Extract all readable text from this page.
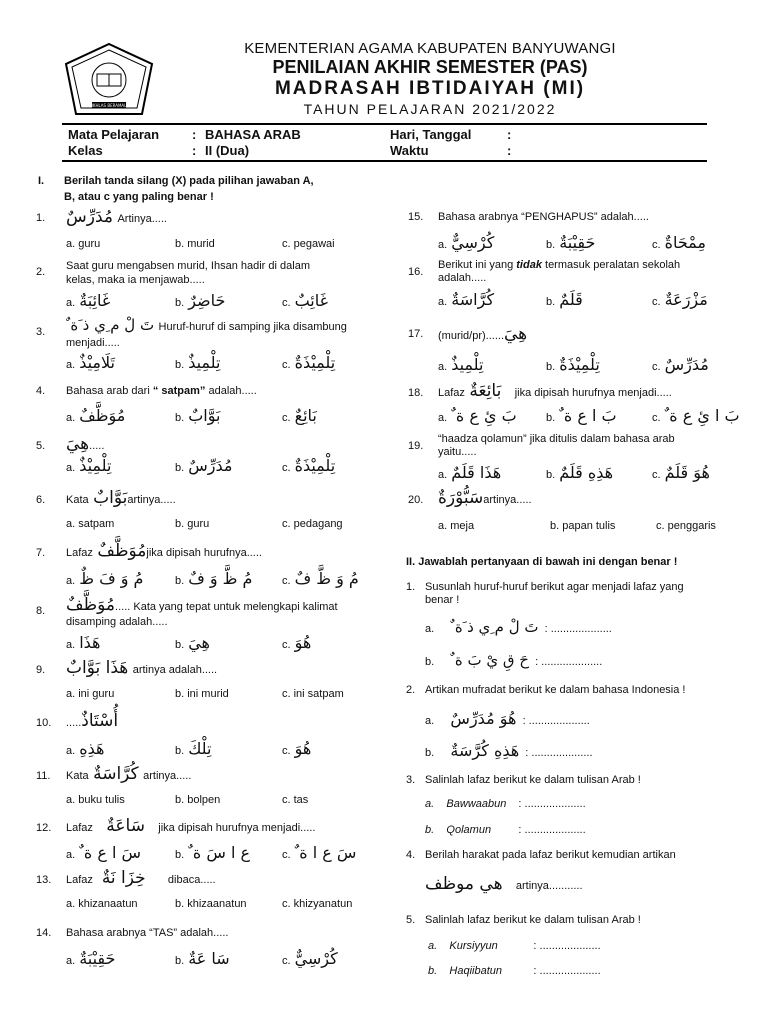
IKHLAS BERAMAL
KEMENTERIAN AGAMA KABUPATEN BANYUWANGI
PENILAIAN AKHIR SEMESTER (PAS)
MADRASAH IBTIDAIYAH (MI)
TAHUN PELAJARAN 2021/2022
Mata Pelajaran	: BAHASA ARAB
Kelas	: II (Dua)
Hari, Tanggal	:
Waktu	:
I. Berilah tanda silang (X) pada pilihan jawaban A,
B, atau c yang paling benar !
1. مُدَرِّسٌ Artinya.....
a. guru	b. murid	c. pegawai
2. Saat guru mengabsen murid, Ihsan hadir di dalam
kelas, maka ia menjawab.....
a. غَائِبَةٌ	b. حَاضِرٌ	c. غَائِبٌ
3. تَ لْ م ِي ذ َة ٌ Huruf-huruf di samping jika disambung
menjadi.....
a. تَلَامِيْذٌ	b. تِلْمِيذٌ	c. تِلْمِيْذَةٌ
4. Bahasa arab dari “ satpam” adalah.....
a. مُوَظَّفٌ	b. بَوَّابٌ	c. بَائِعٌ
5. هِيَ.....
a. تِلْمِيْذٌ	b. مُدَرِّسٌ	c. تِلْمِيْذَةٌ
6. Kata بَوَّابٌartinya.....
a. satpam	b. guru	c. pedagang
7. Lafaz مُوَظَّفٌjika dipisah hurufnya.....
a. مُ وَ فَ ظٌ	b. مُ ظَّ وَ فٌ	c. مُ وَ ظَّ فٌ
8. مُوَظَّفٌ..... Kata yang tepat untuk melengkapi kalimat
disamping adalah.....
a. هَذَا	b. هِيَ	c. هُوَ
9. هَذَا بَوَّابٌ artinya adalah.....
a. ini guru	b. ini murid	c. ini satpam
10. .....أُسْتَاذٌ
a. هَذِهِ	b. تِلْكَ	c. هُوَ
11. Kata كُرَّاسَةٌ artinya.....
a. buku tulis	b. bolpen	c. tas
12. Lafaz سَاعَةٌ jika dipisah hurufnya menjadi.....
a. سَ ا ع ة ٌ	b. ع ا سَ ة ٌ	c. سَ ع ا ة ٌ
13. Lafaz خِزَا نَةٌ dibaca.....
a. khizanaatun	b. khizaanatun	c. khizyanatun
14. Bahasa arabnya “TAS” adalah.....
a. حَقِيْبَةٌ	b. سَا عَةٌ	c. كُرْسِيٌّ
15. Bahasa arabnya “PENGHAPUS” adalah.....
a. كُرْسِيٌّ	b. حَقِيْبَةٌ	c. مِمْحَاةٌ
16.
Berikut ini yang tidak termasuk peralatan sekolah
adalah.....
a. كُرَّاسَةٌ	b. قَلَمٌ	c. مَزْرَعَةٌ
17. (murid/pr)......هِيَ
a. تِلْمِيذٌ	b. تِلْمِيْذَةٌ	c. مُدَرِّسٌ
18. Lafaz بَائِعَةٌ jika dipisah hurufnya menjadi.....
a. بَ ئِ ع ة ٌ	b. بَ ا ع ة ٌ	c. بَ ا ئِ ع ة ٌ
19.
“haadza qolamun” jika ditulis dalam bahasa arab
yaitu.....
a. هَذَا قَلَمٌ	b. هَذِهِ قَلَمٌ	c. هُوَ قَلَمٌ
20. سَبُّوْرَةٌartinya.....
a. meja	b. papan tulis	c. penggaris
II. Jawablah pertanyaan di bawah ini dengan benar !
1. Susunlah huruf-huruf berikut agar menjadi lafaz yang
benar !
a. تَ لْ م ِي ذ َة ٌ : ....................
b. حَ قِ يْ بَ ة ٌ : ....................
2. Artikan mufradat berikut ke dalam bahasa Indonesia !
a. هُوَ مُدَرِّسٌ : ....................
b. هَذِهِ كُرَّسَةٌ : ....................
3. Salinlah lafaz berikut ke dalam tulisan Arab !
a. Bawwaabun : ....................
b. Qolamun : ....................
4. Berilah harakat pada lafaz berikut kemudian artikan
هي موظف artinya...........
5. Salinlah lafaz berikut ke dalam tulisan Arab !
a. Kursiyyun	: ....................
b. Haqiibatun	: ....................
